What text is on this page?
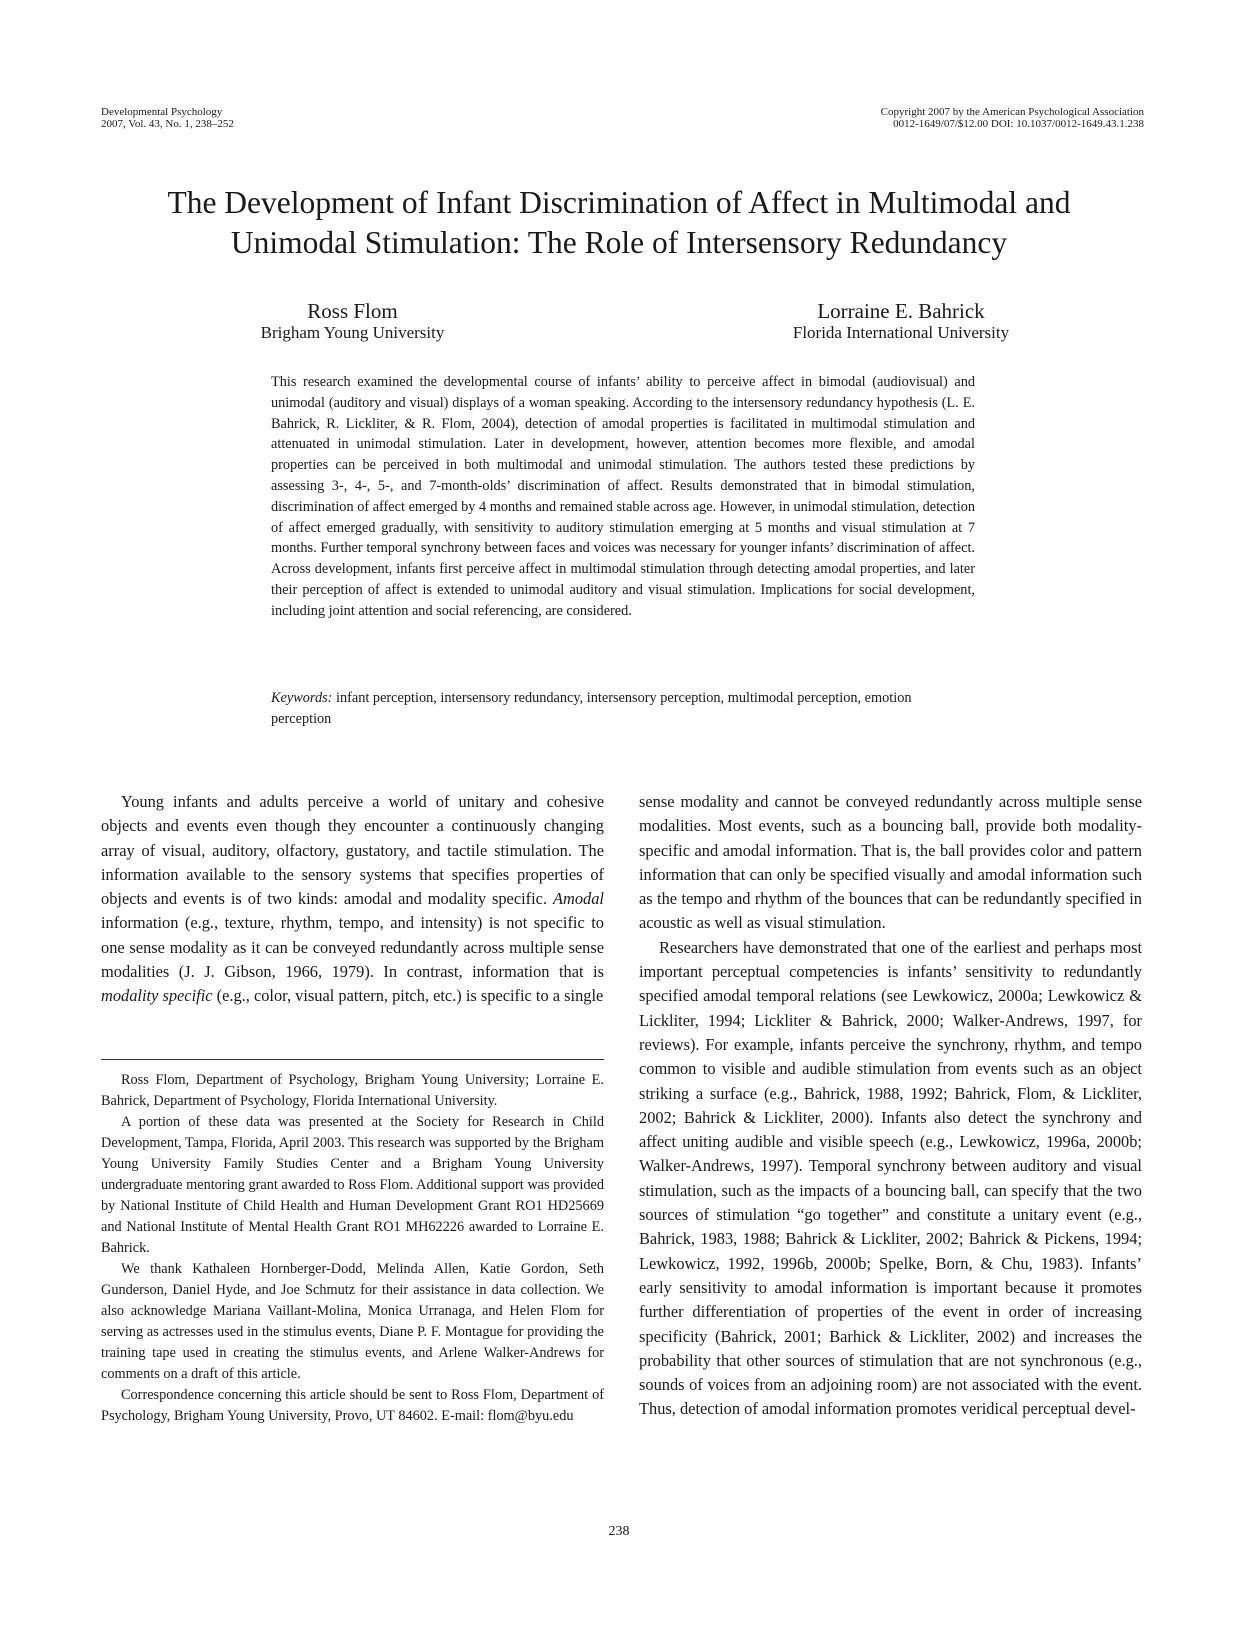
Developmental Psychology
2007, Vol. 43, No. 1, 238–252
Copyright 2007 by the American Psychological Association
0012-1649/07/$12.00 DOI: 10.1037/0012-1649.43.1.238
The Development of Infant Discrimination of Affect in Multimodal and
Unimodal Stimulation: The Role of Intersensory Redundancy
Ross Flom
Brigham Young University
Lorraine E. Bahrick
Florida International University

This research examined the developmental course of infants’ ability to perceive affect in bimodal (audiovisual) and unimodal (auditory and visual) displays of a woman speaking. According to the intersensory redundancy hypothesis (L. E. Bahrick, R. Lickliter, & R. Flom, 2004), detection of amodal properties is facilitated in multimodal stimulation and attenuated in unimodal stimulation. Later in development, however, attention becomes more flexible, and amodal properties can be perceived in both multimodal and unimodal stimulation. The authors tested these predictions by assessing 3-, 4-, 5-, and 7-month-olds’ discrimination of affect. Results demonstrated that in bimodal stimulation, discrimination of affect emerged by 4 months and remained stable across age. However, in unimodal stimulation, detection of affect emerged gradually, with sensitivity to auditory stimulation emerging at 5 months and visual stimulation at 7 months. Further temporal synchrony between faces and voices was necessary for younger infants’ discrimination of affect. Across development, infants first perceive affect in multimodal stimulation through detecting amodal properties, and later their perception of affect is extended to unimodal auditory and visual stimulation. Implications for social development, including joint attention and social referencing, are considered.

Keywords: infant perception, intersensory redundancy, intersensory perception, multimodal perception, emotion perception

Young infants and adults perceive a world of unitary and cohesive objects and events even though they encounter a continuously changing array of visual, auditory, olfactory, gustatory, and tactile stimulation. The information available to the sensory systems that specifies properties of objects and events is of two kinds: amodal and modality specific. Amodal information (e.g., texture, rhythm, tempo, and intensity) is not specific to one sense modality as it can be conveyed redundantly across multiple sense modalities (J. J. Gibson, 1966, 1979). In contrast, information that is modality specific (e.g., color, visual pattern, pitch, etc.) is specific to a single

Ross Flom, Department of Psychology, Brigham Young University; Lorraine E. Bahrick, Department of Psychology, Florida International University.

A portion of these data was presented at the Society for Research in Child Development, Tampa, Florida, April 2003. This research was supported by the Brigham Young University Family Studies Center and a Brigham Young University undergraduate mentoring grant awarded to Ross Flom. Additional support was provided by National Institute of Child Health and Human Development Grant RO1 HD25669 and National Institute of Mental Health Grant RO1 MH62226 awarded to Lorraine E. Bahrick.

We thank Kathaleen Hornberger-Dodd, Melinda Allen, Katie Gordon, Seth Gunderson, Daniel Hyde, and Joe Schmutz for their assistance in data collection. We also acknowledge Mariana Vaillant-Molina, Monica Urranaga, and Helen Flom for serving as actresses used in the stimulus events, Diane P. F. Montague for providing the training tape used in creating the stimulus events, and Arlene Walker-Andrews for comments on a draft of this article.

Correspondence concerning this article should be sent to Ross Flom, Department of Psychology, Brigham Young University, Provo, UT 84602. E-mail: flom@byu.edu

sense modality and cannot be conveyed redundantly across multiple sense modalities. Most events, such as a bouncing ball, provide both modality-specific and amodal information. That is, the ball provides color and pattern information that can only be specified visually and amodal information such as the tempo and rhythm of the bounces that can be redundantly specified in acoustic as well as visual stimulation.

Researchers have demonstrated that one of the earliest and perhaps most important perceptual competencies is infants’ sensitivity to redundantly specified amodal temporal relations (see Lewkowicz, 2000a; Lewkowicz & Lickliter, 1994; Lickliter & Bahrick, 2000; Walker-Andrews, 1997, for reviews). For example, infants perceive the synchrony, rhythm, and tempo common to visible and audible stimulation from events such as an object striking a surface (e.g., Bahrick, 1988, 1992; Bahrick, Flom, & Lickliter, 2002; Bahrick & Lickliter, 2000). Infants also detect the synchrony and affect uniting audible and visible speech (e.g., Lewkowicz, 1996a, 2000b; Walker-Andrews, 1997). Temporal synchrony between auditory and visual stimulation, such as the impacts of a bouncing ball, can specify that the two sources of stimulation “go together” and constitute a unitary event (e.g., Bahrick, 1983, 1988; Bahrick & Lickliter, 2002; Bahrick & Pickens, 1994; Lewkowicz, 1992, 1996b, 2000b; Spelke, Born, & Chu, 1983). Infants’ early sensitivity to amodal information is important because it promotes further differentiation of properties of the event in order of increasing specificity (Bahrick, 2001; Barhick & Lickliter, 2002) and increases the probability that other sources of stimulation that are not synchronous (e.g., sounds of voices from an adjoining room) are not associated with the event. Thus, detection of amodal information promotes veridical perceptual devel-

238
